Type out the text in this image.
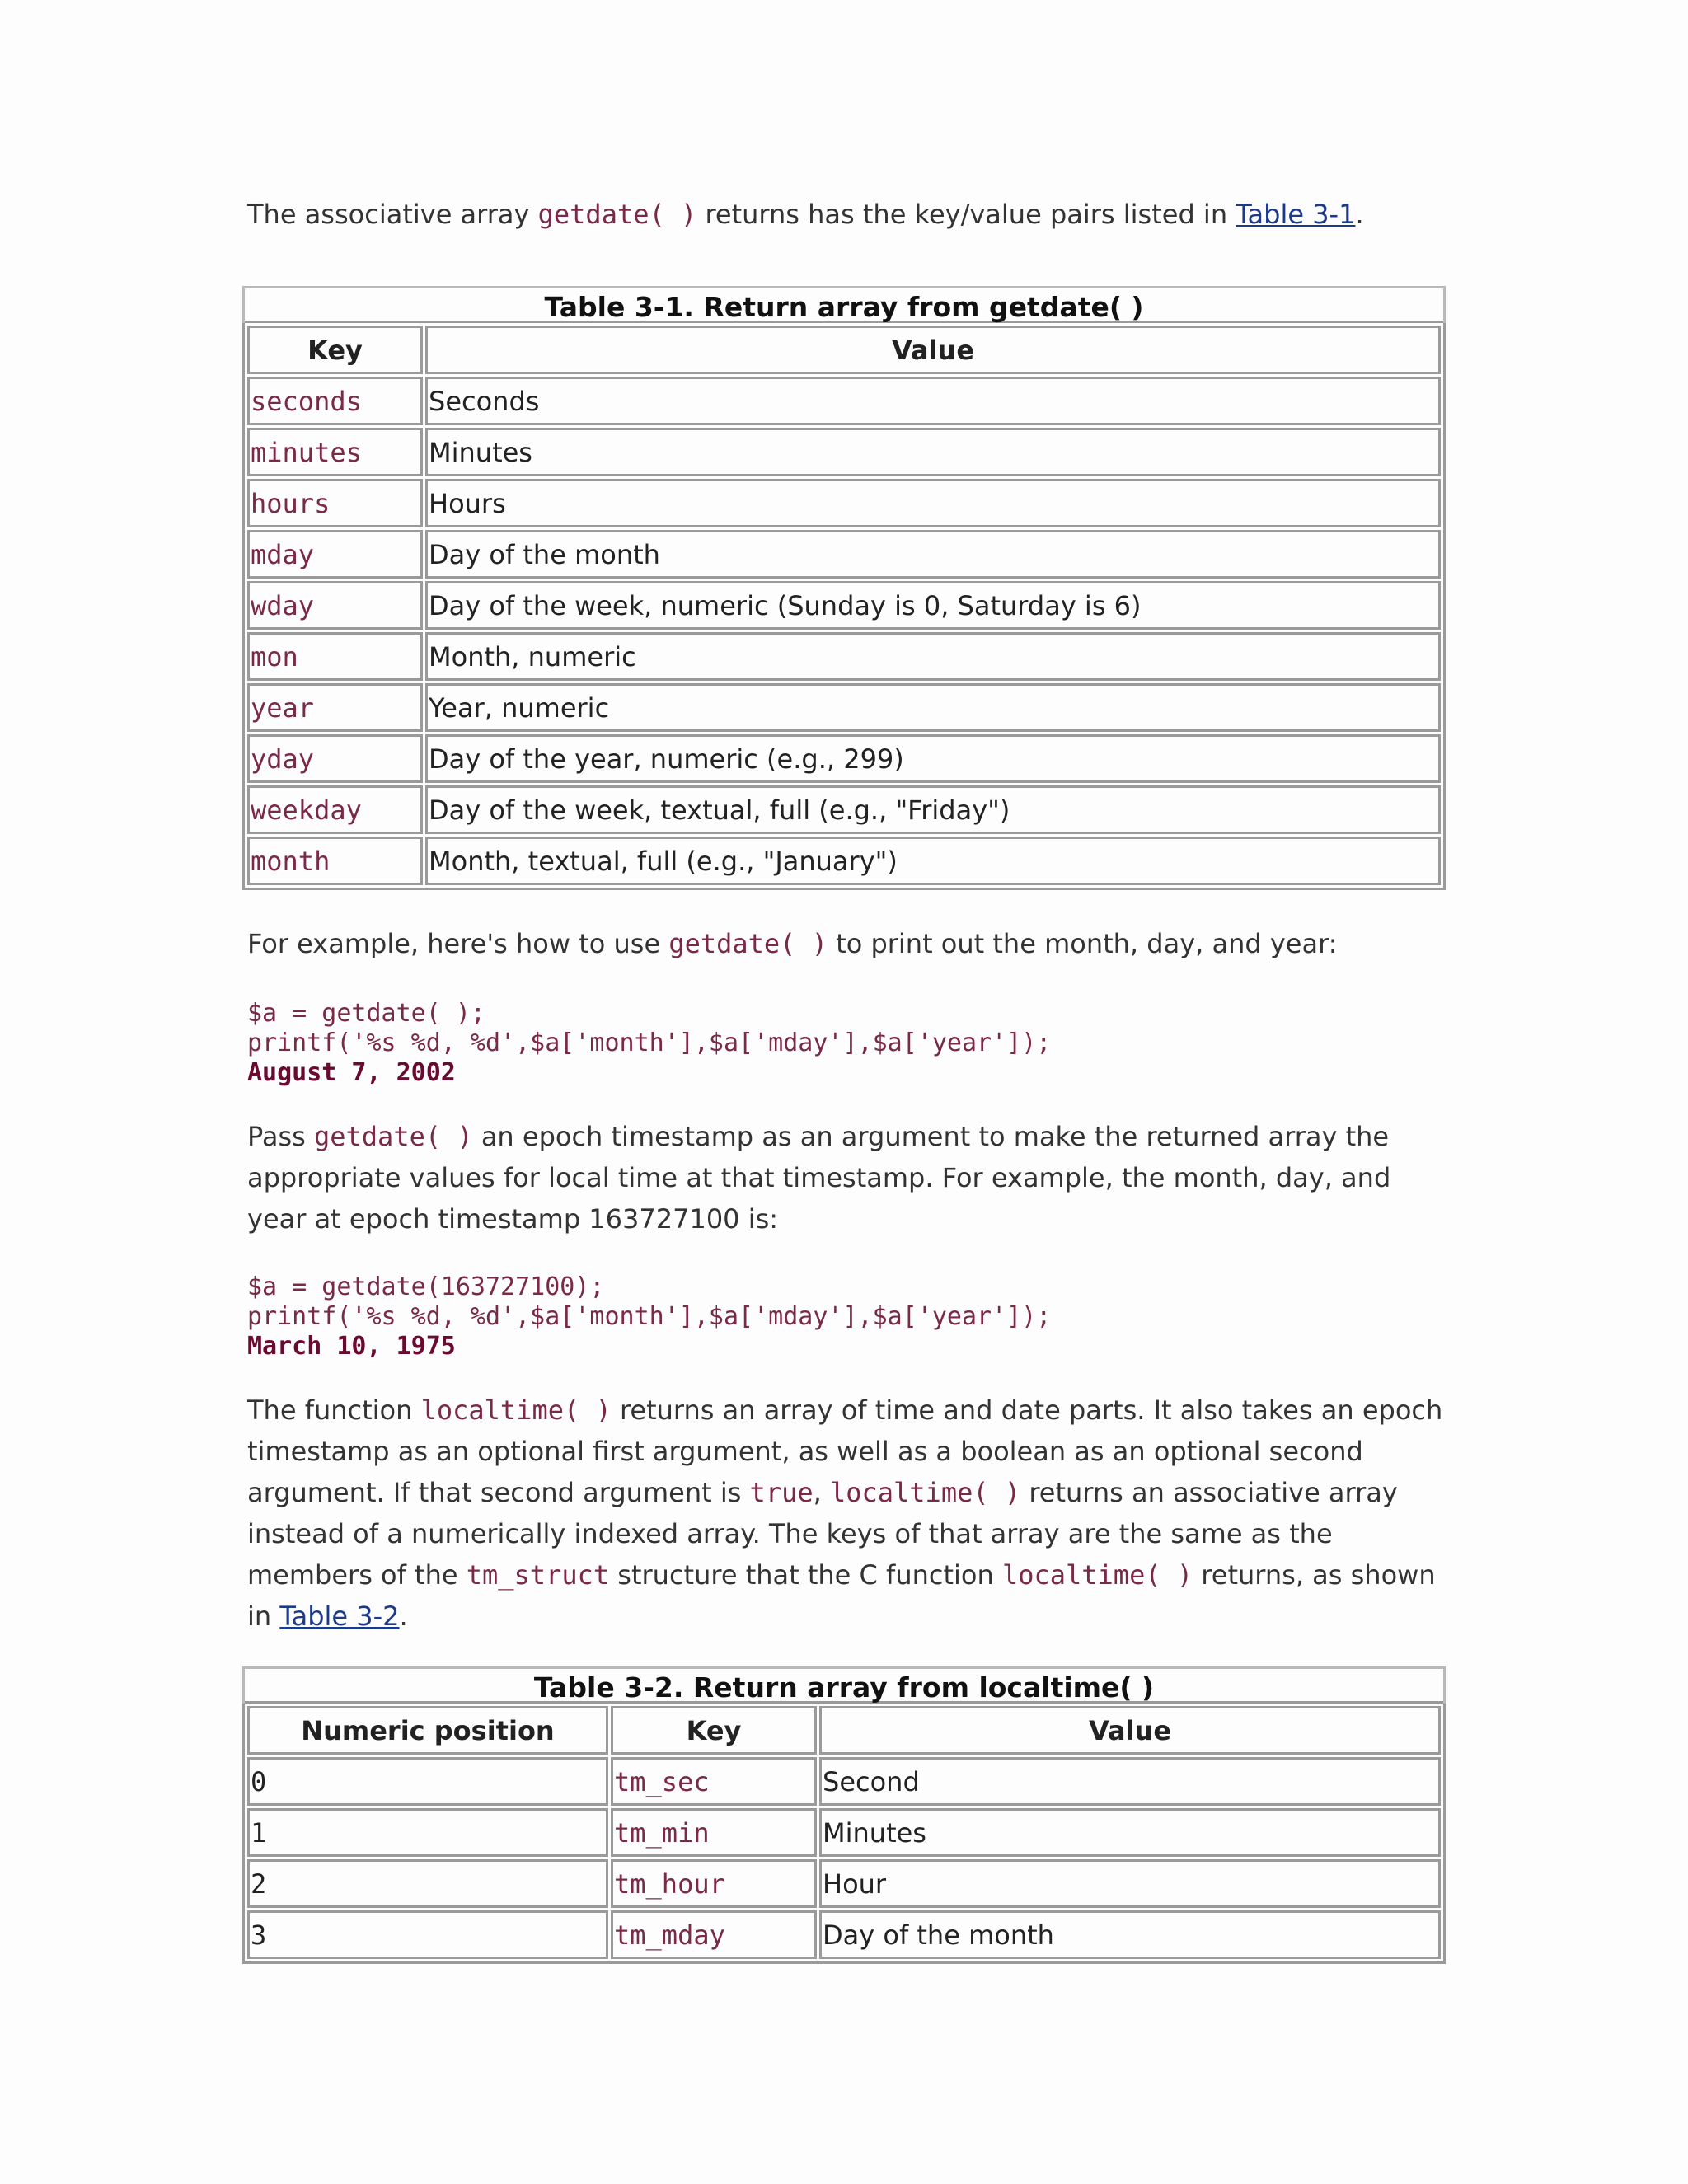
The associative array getdate( ) returns has the key/value pairs listed in Table 3-1.

Table 3-1. Return array from getdate( )
Key	Value
seconds	Seconds
minutes	Minutes
hours	Hours
mday	Day of the month
wday	Day of the week, numeric (Sunday is 0, Saturday is 6)
mon	Month, numeric
year	Year, numeric
yday	Day of the year, numeric (e.g., 299)
weekday	Day of the week, textual, full (e.g., "Friday")
month	Month, textual, full (e.g., "January")

For example, here's how to use getdate( ) to print out the month, day, and year:

$a = getdate( );
printf('%s %d, %d',$a['month'],$a['mday'],$a['year']);
August 7, 2002

Pass getdate( ) an epoch timestamp as an argument to make the returned array the appropriate values for local time at that timestamp. For example, the month, day, and year at epoch timestamp 163727100 is:

$a = getdate(163727100);
printf('%s %d, %d',$a['month'],$a['mday'],$a['year']);
March 10, 1975

The function localtime( ) returns an array of time and date parts. It also takes an epoch timestamp as an optional first argument, as well as a boolean as an optional second argument. If that second argument is true, localtime( ) returns an associative array instead of a numerically indexed array. The keys of that array are the same as the members of the tm_struct structure that the C function localtime( ) returns, as shown in Table 3-2.

Table 3-2. Return array from localtime( )
Numeric position	Key	Value
0	tm_sec	Second
1	tm_min	Minutes
2	tm_hour	Hour
3	tm_mday	Day of the month
